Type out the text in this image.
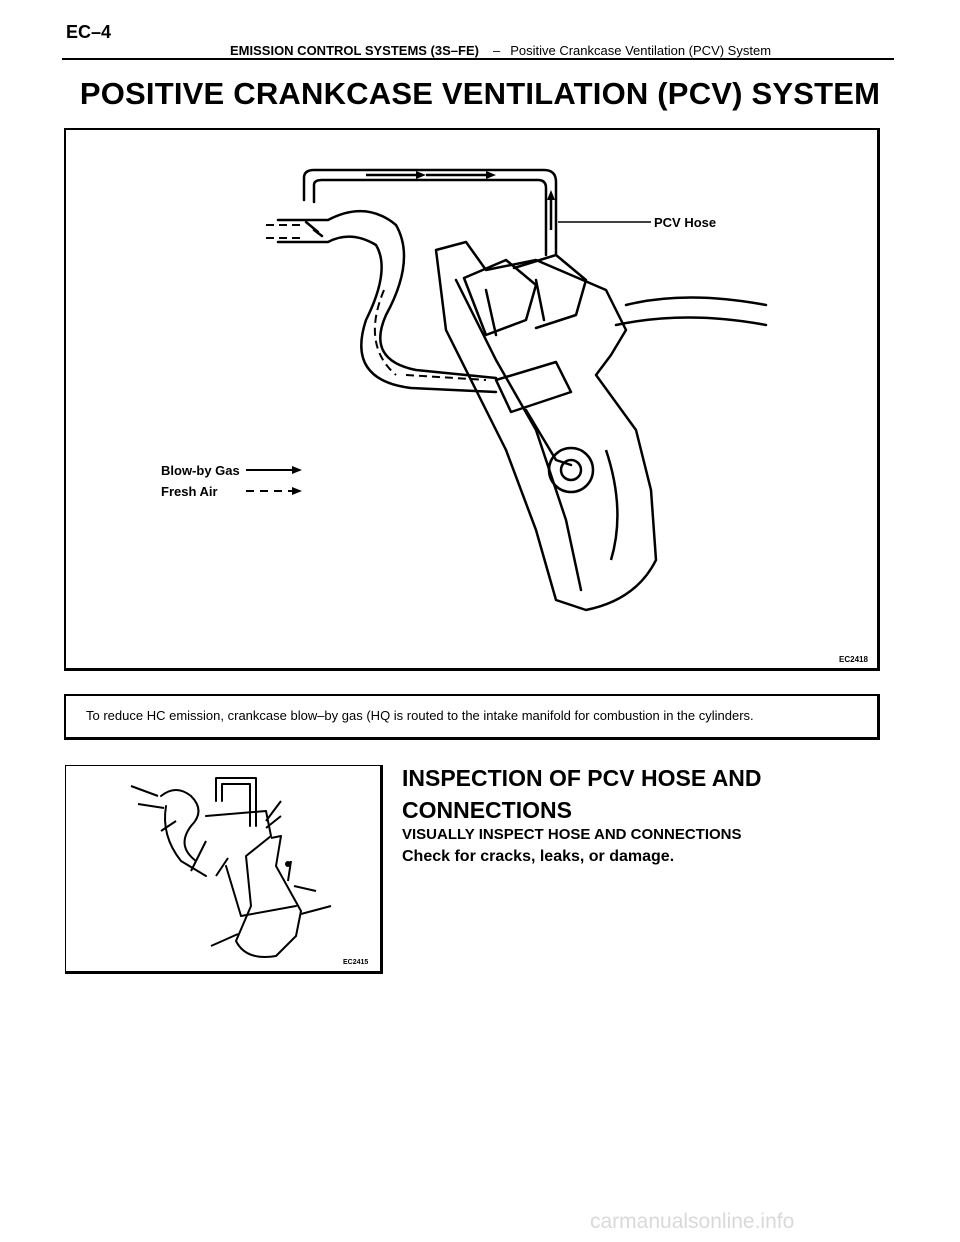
EC–4
EMISSION CONTROL SYSTEMS (3S–FE) – Positive Crankcase Ventilation (PCV) System
POSITIVE CRANKCASE VENTILATION (PCV) SYSTEM
PCV Hose
Blow-by Gas
Fresh Air
EC2418
To reduce HC emission, crankcase blow–by gas (HQ is routed to the intake manifold for combustion in the cylinders.
EC2415
INSPECTION OF PCV HOSE AND CONNECTIONS
VISUALLY INSPECT HOSE AND CONNECTIONS
Check for cracks, leaks, or damage.
carmanualsonline.info
